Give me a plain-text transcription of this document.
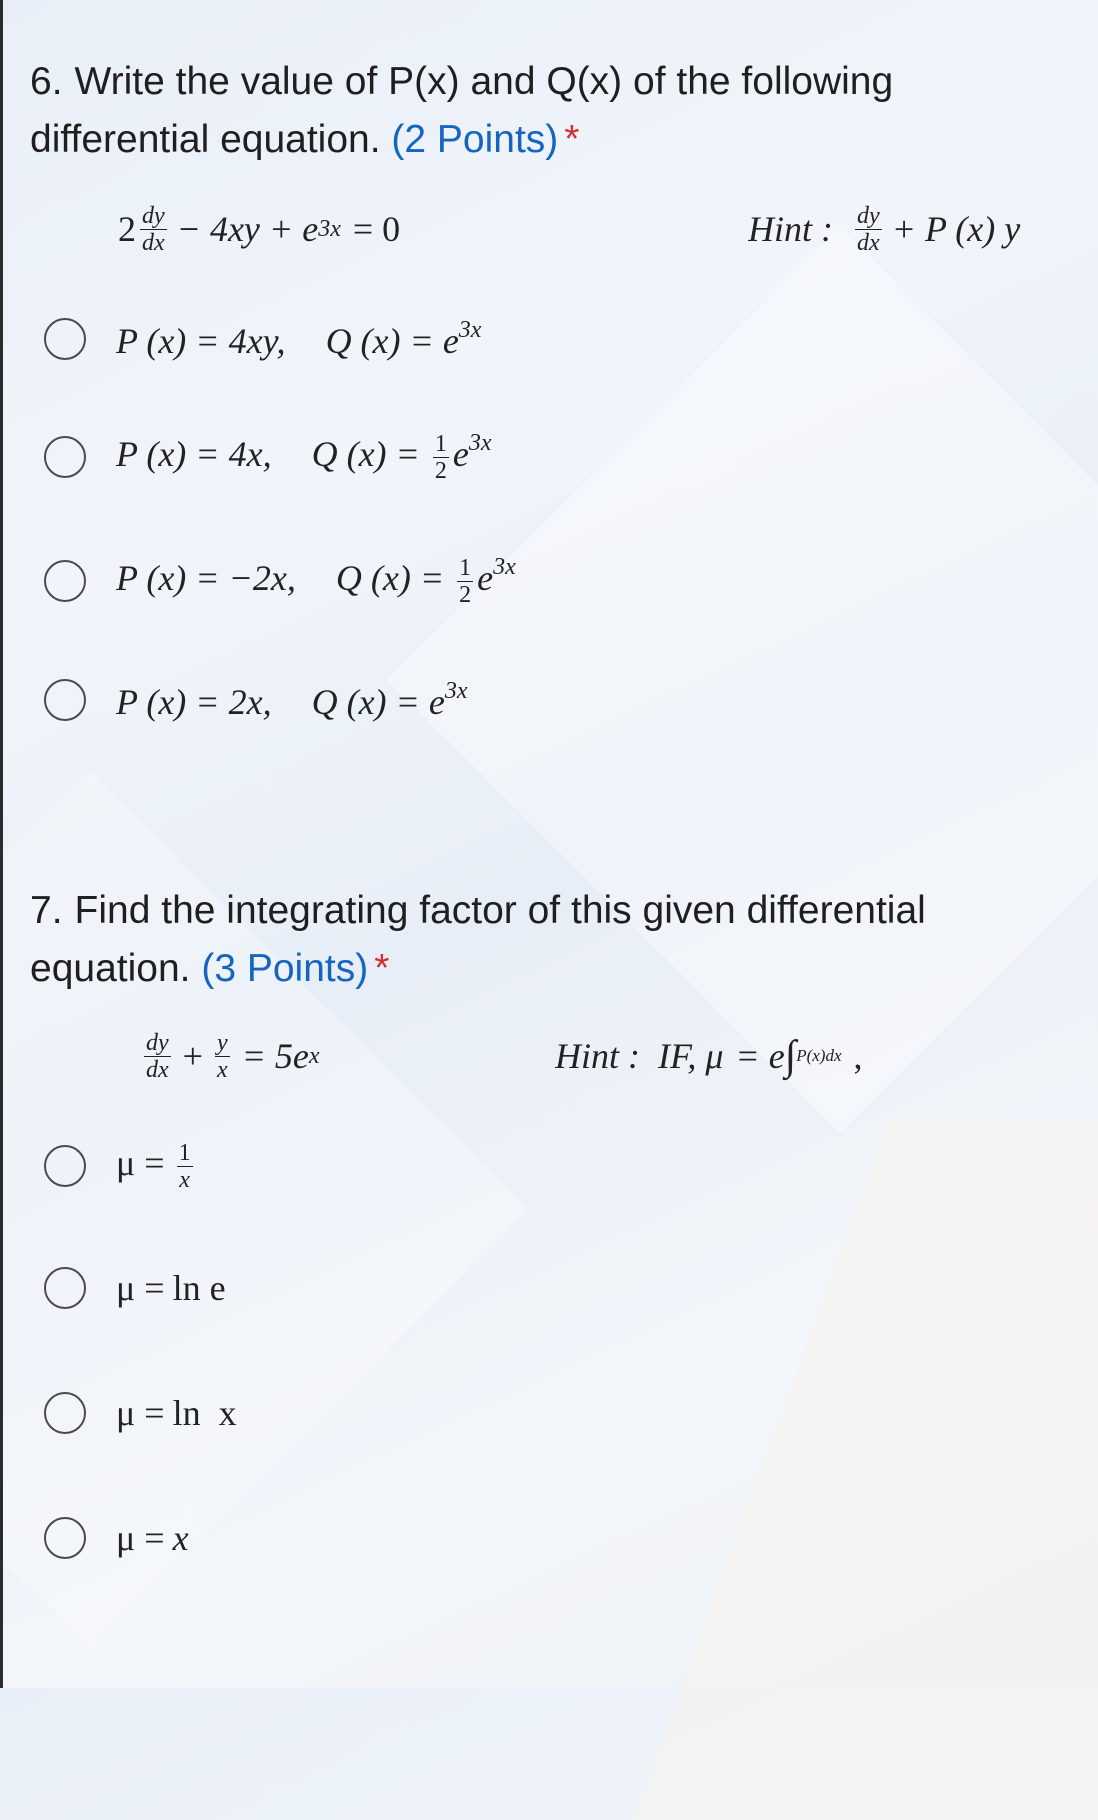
6. Write the value of P(x) and Q(x) of the following differential equation. (2 Points) *
$2 \frac{dy}{dx} - 4xy + e$ 3x = 0	Hint : $\frac{dy}{dx} + P$ (x) y
P (x) = 4xy, Q $(x) = e^{3x}$
P (x) = 4x, Q $(x) = \frac{1}{2} e^{3x}$
P (x) = −2x, Q $(x) = \frac{1}{2} e^{3x}$
P (x) = 2x, Q $(x) = e^{3x}$
7. Find the integrating factor of this given differential equation. (3 Points) *
$\frac{dy}{dx} + \frac{y}{x} = 5e$ x	Hint : IF, μ = e ∫ P(x)dx ,
$\mu = \frac{1}{x}$
μ = ln e
μ = ln  x
μ = x
